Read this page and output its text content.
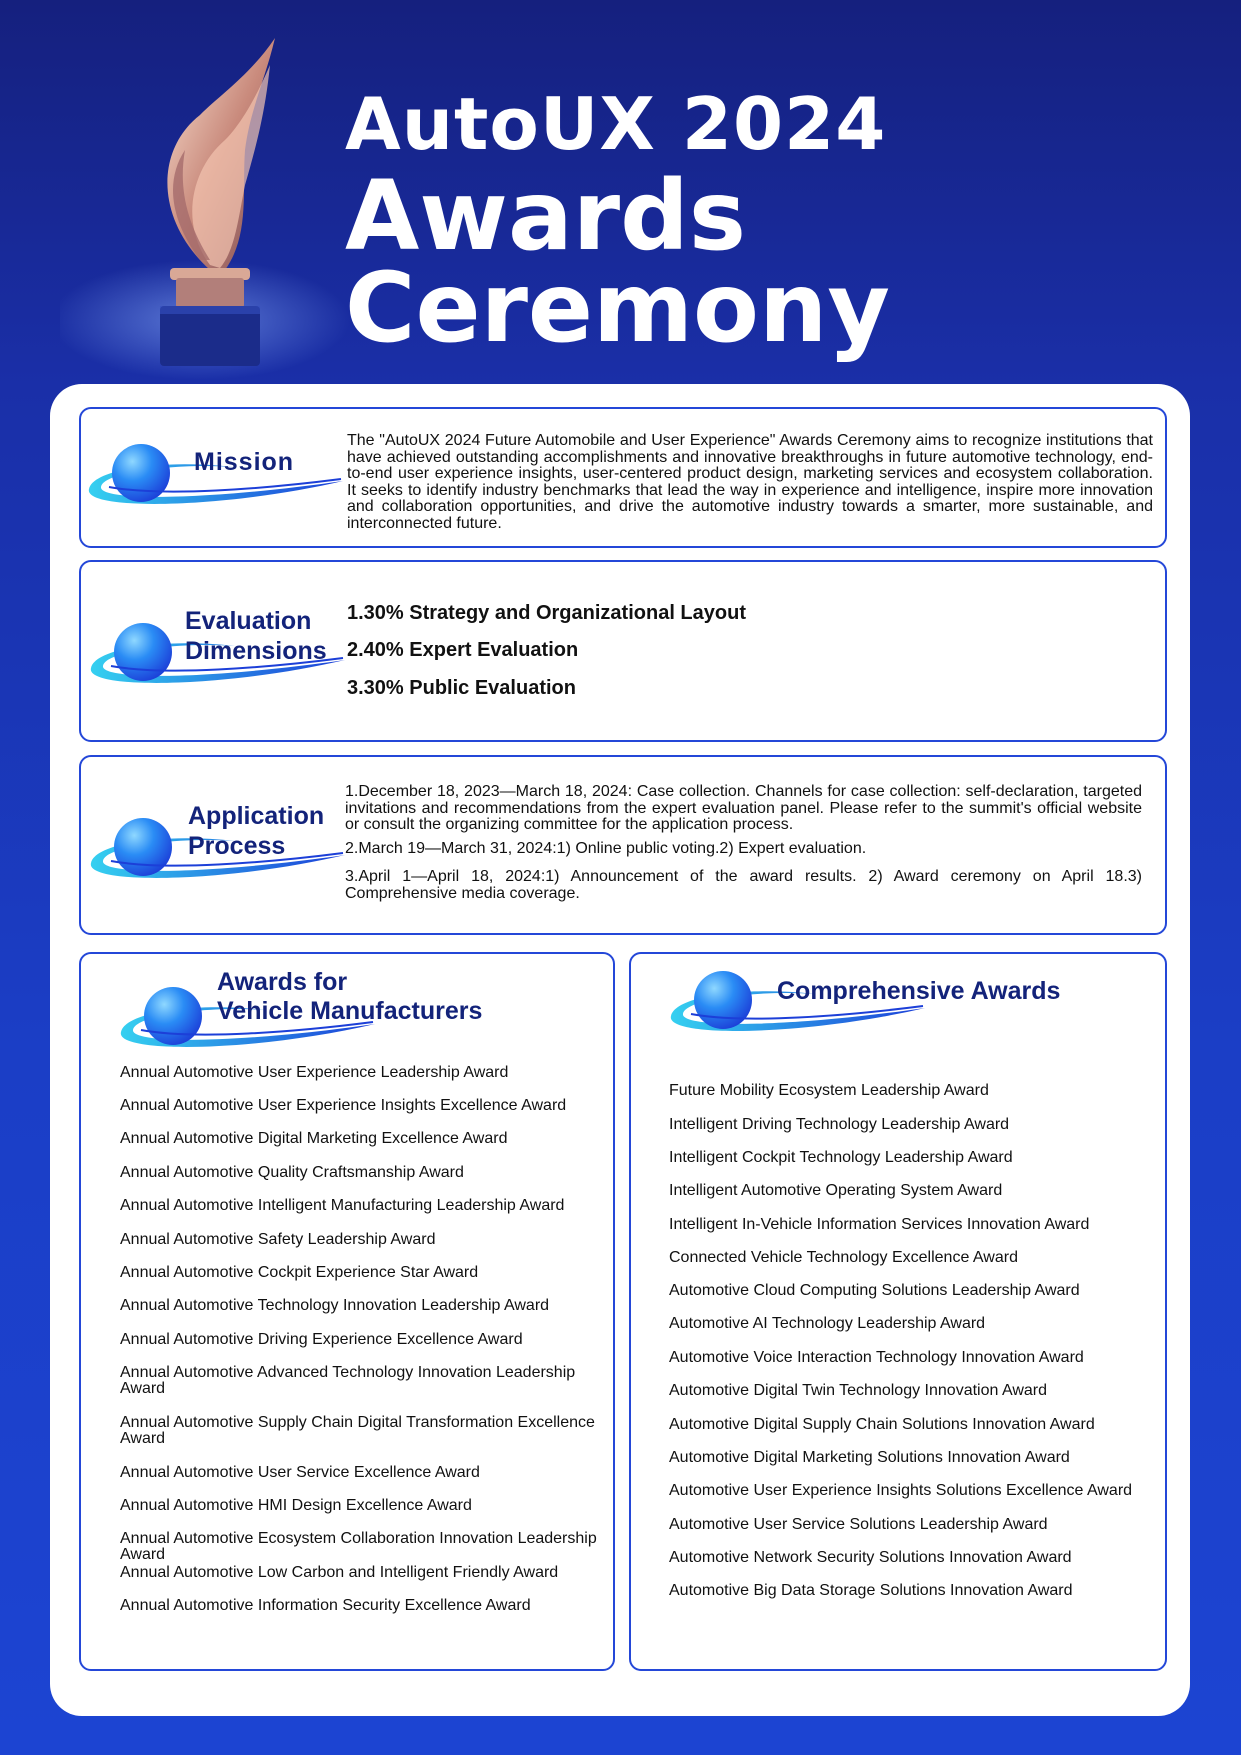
AutoUX 2024
Awards
Ceremony
Mission

The "AutoUX 2024 Future Automobile and User Experience" Awards Ceremony aims to recognize institutions that have achieved outstanding accomplishments and innovative breakthroughs in future automotive technology, end-to-end user experience insights, user-centered product design, marketing services and ecosystem collaboration. It seeks to identify industry benchmarks that lead the way in experience and intelligence, inspire more innovation and collaboration opportunities, and drive the automotive industry towards a smarter, more sustainable, and interconnected future.

Evaluation
Dimensions

1.30% Strategy and Organizational Layout

2.40% Expert Evaluation

3.30% Public Evaluation

Application
Process

1.December 18, 2023—March 18, 2024: Case collection. Channels for case collection: self-declaration, targeted invitations and recommendations from the expert evaluation panel. Please refer to the summit's official website or consult the organizing committee for the application process.

2.March 19—March 31, 2024:1) Online public voting.2) Expert evaluation.

3.April 1—April 18, 2024:1) Announcement of the award results. 2) Award ceremony on April 18.3) Comprehensive media coverage.

Awards for
Vehicle Manufacturers
Annual Automotive User Experience Leadership Award
Annual Automotive User Experience Insights Excellence Award
Annual Automotive Digital Marketing Excellence Award
Annual Automotive Quality Craftsmanship Award
Annual Automotive Intelligent Manufacturing Leadership Award
Annual Automotive Safety Leadership Award
Annual Automotive Cockpit Experience Star Award
Annual Automotive Technology Innovation Leadership Award
Annual Automotive Driving Experience Excellence Award
Annual Automotive Advanced Technology Innovation Leadership Award
Annual Automotive Supply Chain Digital Transformation Excellence Award
Annual Automotive User Service Excellence Award
Annual Automotive HMI Design Excellence Award
Annual Automotive Ecosystem Collaboration Innovation Leadership Award
Annual Automotive Low Carbon and Intelligent Friendly Award
Annual Automotive Information Security Excellence Award
Comprehensive Awards
Future Mobility Ecosystem Leadership Award
Intelligent Driving Technology Leadership Award
Intelligent Cockpit Technology Leadership Award
Intelligent Automotive Operating System Award
Intelligent In-Vehicle Information Services Innovation Award
Connected Vehicle Technology Excellence Award
Automotive Cloud Computing Solutions Leadership Award
Automotive AI Technology Leadership Award
Automotive Voice Interaction Technology Innovation Award
Automotive Digital Twin Technology Innovation Award
Automotive Digital Supply Chain Solutions Innovation Award
Automotive Digital Marketing Solutions Innovation Award
Automotive User Experience Insights Solutions Excellence Award
Automotive User Service Solutions Leadership Award
Automotive Network Security Solutions Innovation Award
Automotive Big Data Storage Solutions Innovation Award
